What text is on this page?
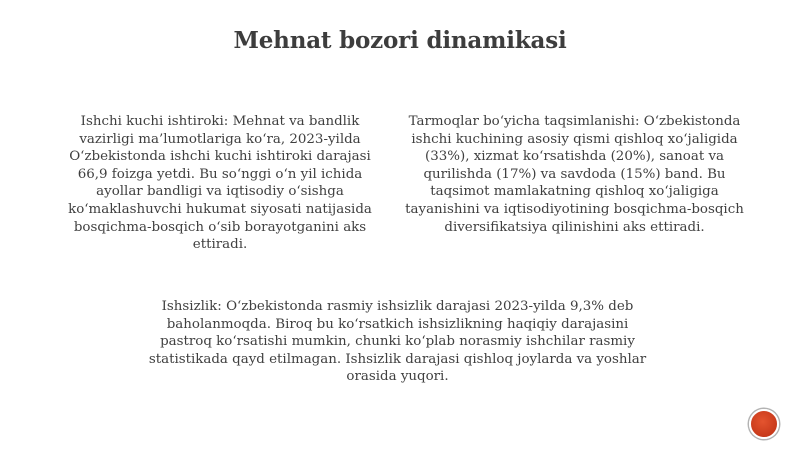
Mehnat bozori dinamikasi
Ishchi kuchi ishtiroki: Mehnat va bandlik vazirligi ma’lumotlariga ko‘ra, 2023-yilda O‘zbekistonda ishchi kuchi ishtiroki darajasi 66,9 foizga yetdi. Bu so‘nggi o‘n yil ichida ayollar bandligi va iqtisodiy o‘sishga ko‘maklashuvchi hukumat siyosati natijasida bosqichma-bosqich o‘sib borayotganini aks ettiradi.
Tarmoqlar bo‘yicha taqsimlanishi: O‘zbekistonda ishchi kuchining asosiy qismi qishloq xo‘jaligida (33%), xizmat ko‘rsatishda (20%), sanoat va qurilishda (17%) va savdoda (15%) band. Bu taqsimot mamlakatning qishloq xo‘jaligiga tayanishini va iqtisodiyotining bosqichma-bosqich diversifikatsiya qilinishini aks ettiradi.
Ishsizlik: O‘zbekistonda rasmiy ishsizlik darajasi 2023-yilda 9,3% deb baholanmoqda. Biroq bu ko‘rsatkich ishsizlikning haqiqiy darajasini pastroq ko‘rsatishi mumkin, chunki ko‘plab norasmiy ishchilar rasmiy statistikada qayd etilmagan. Ishsizlik darajasi qishloq joylarda va yoshlar orasida yuqori.
